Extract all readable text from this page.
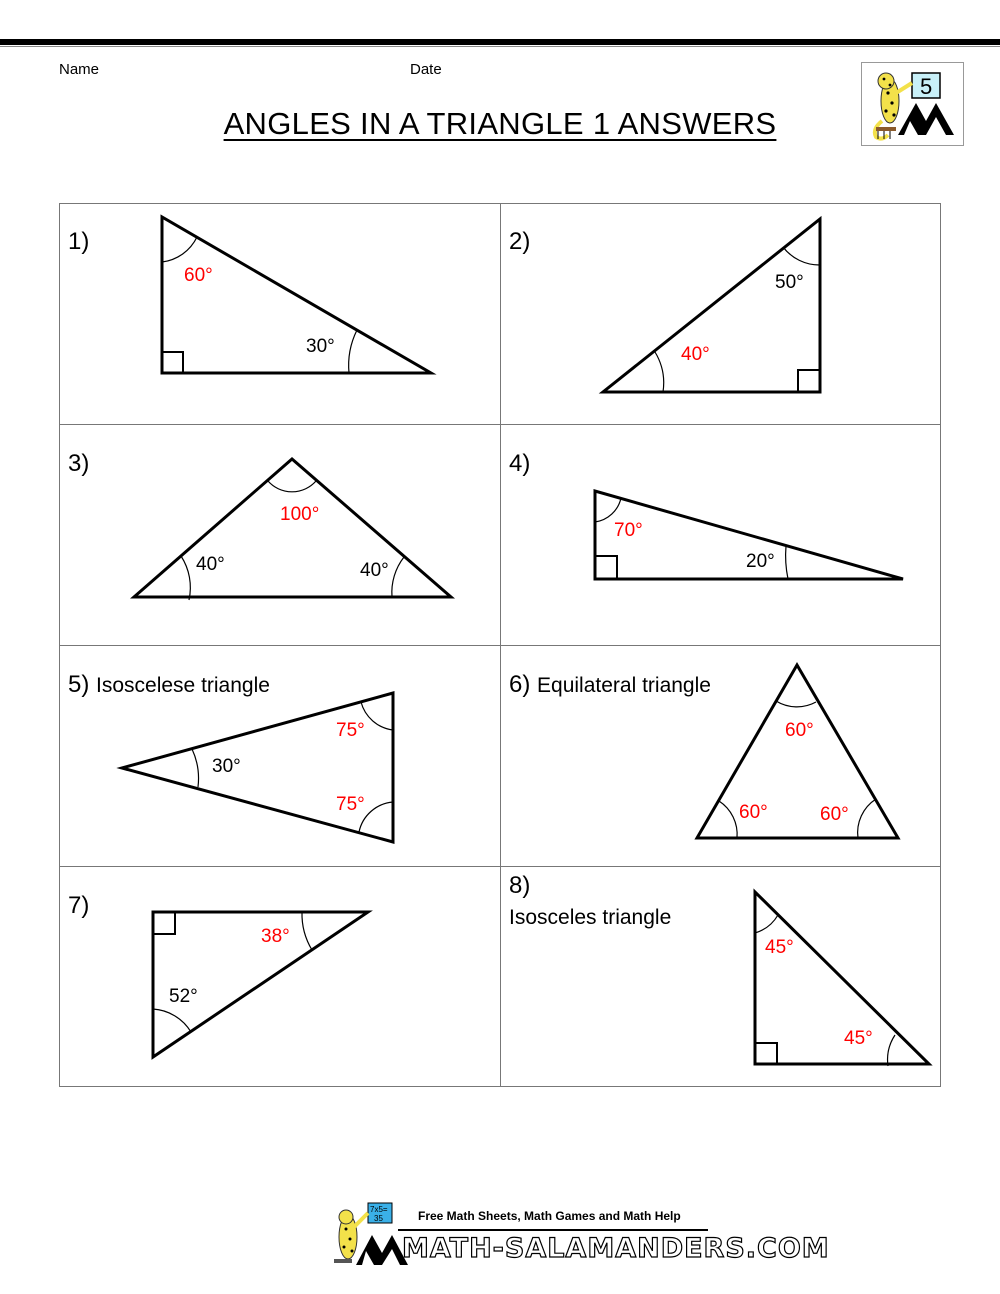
Name	Date
ANGLES IN A TRIANGLE 1 ANSWERS
5
1)	2)
3)	4)
5) Isoscelese triangle	6) Equilateral triangle
7)
8)
Isosceles triangle
60°
30°
50°
40°
100°
40°	40°
70°
20°
75°
30°
75°
60°
60°	60°
38°
52°
45°
45°
7x5=
35	Free Math Sheets, Math Games and Math Help
MATH-SALAMANDERS.COM
